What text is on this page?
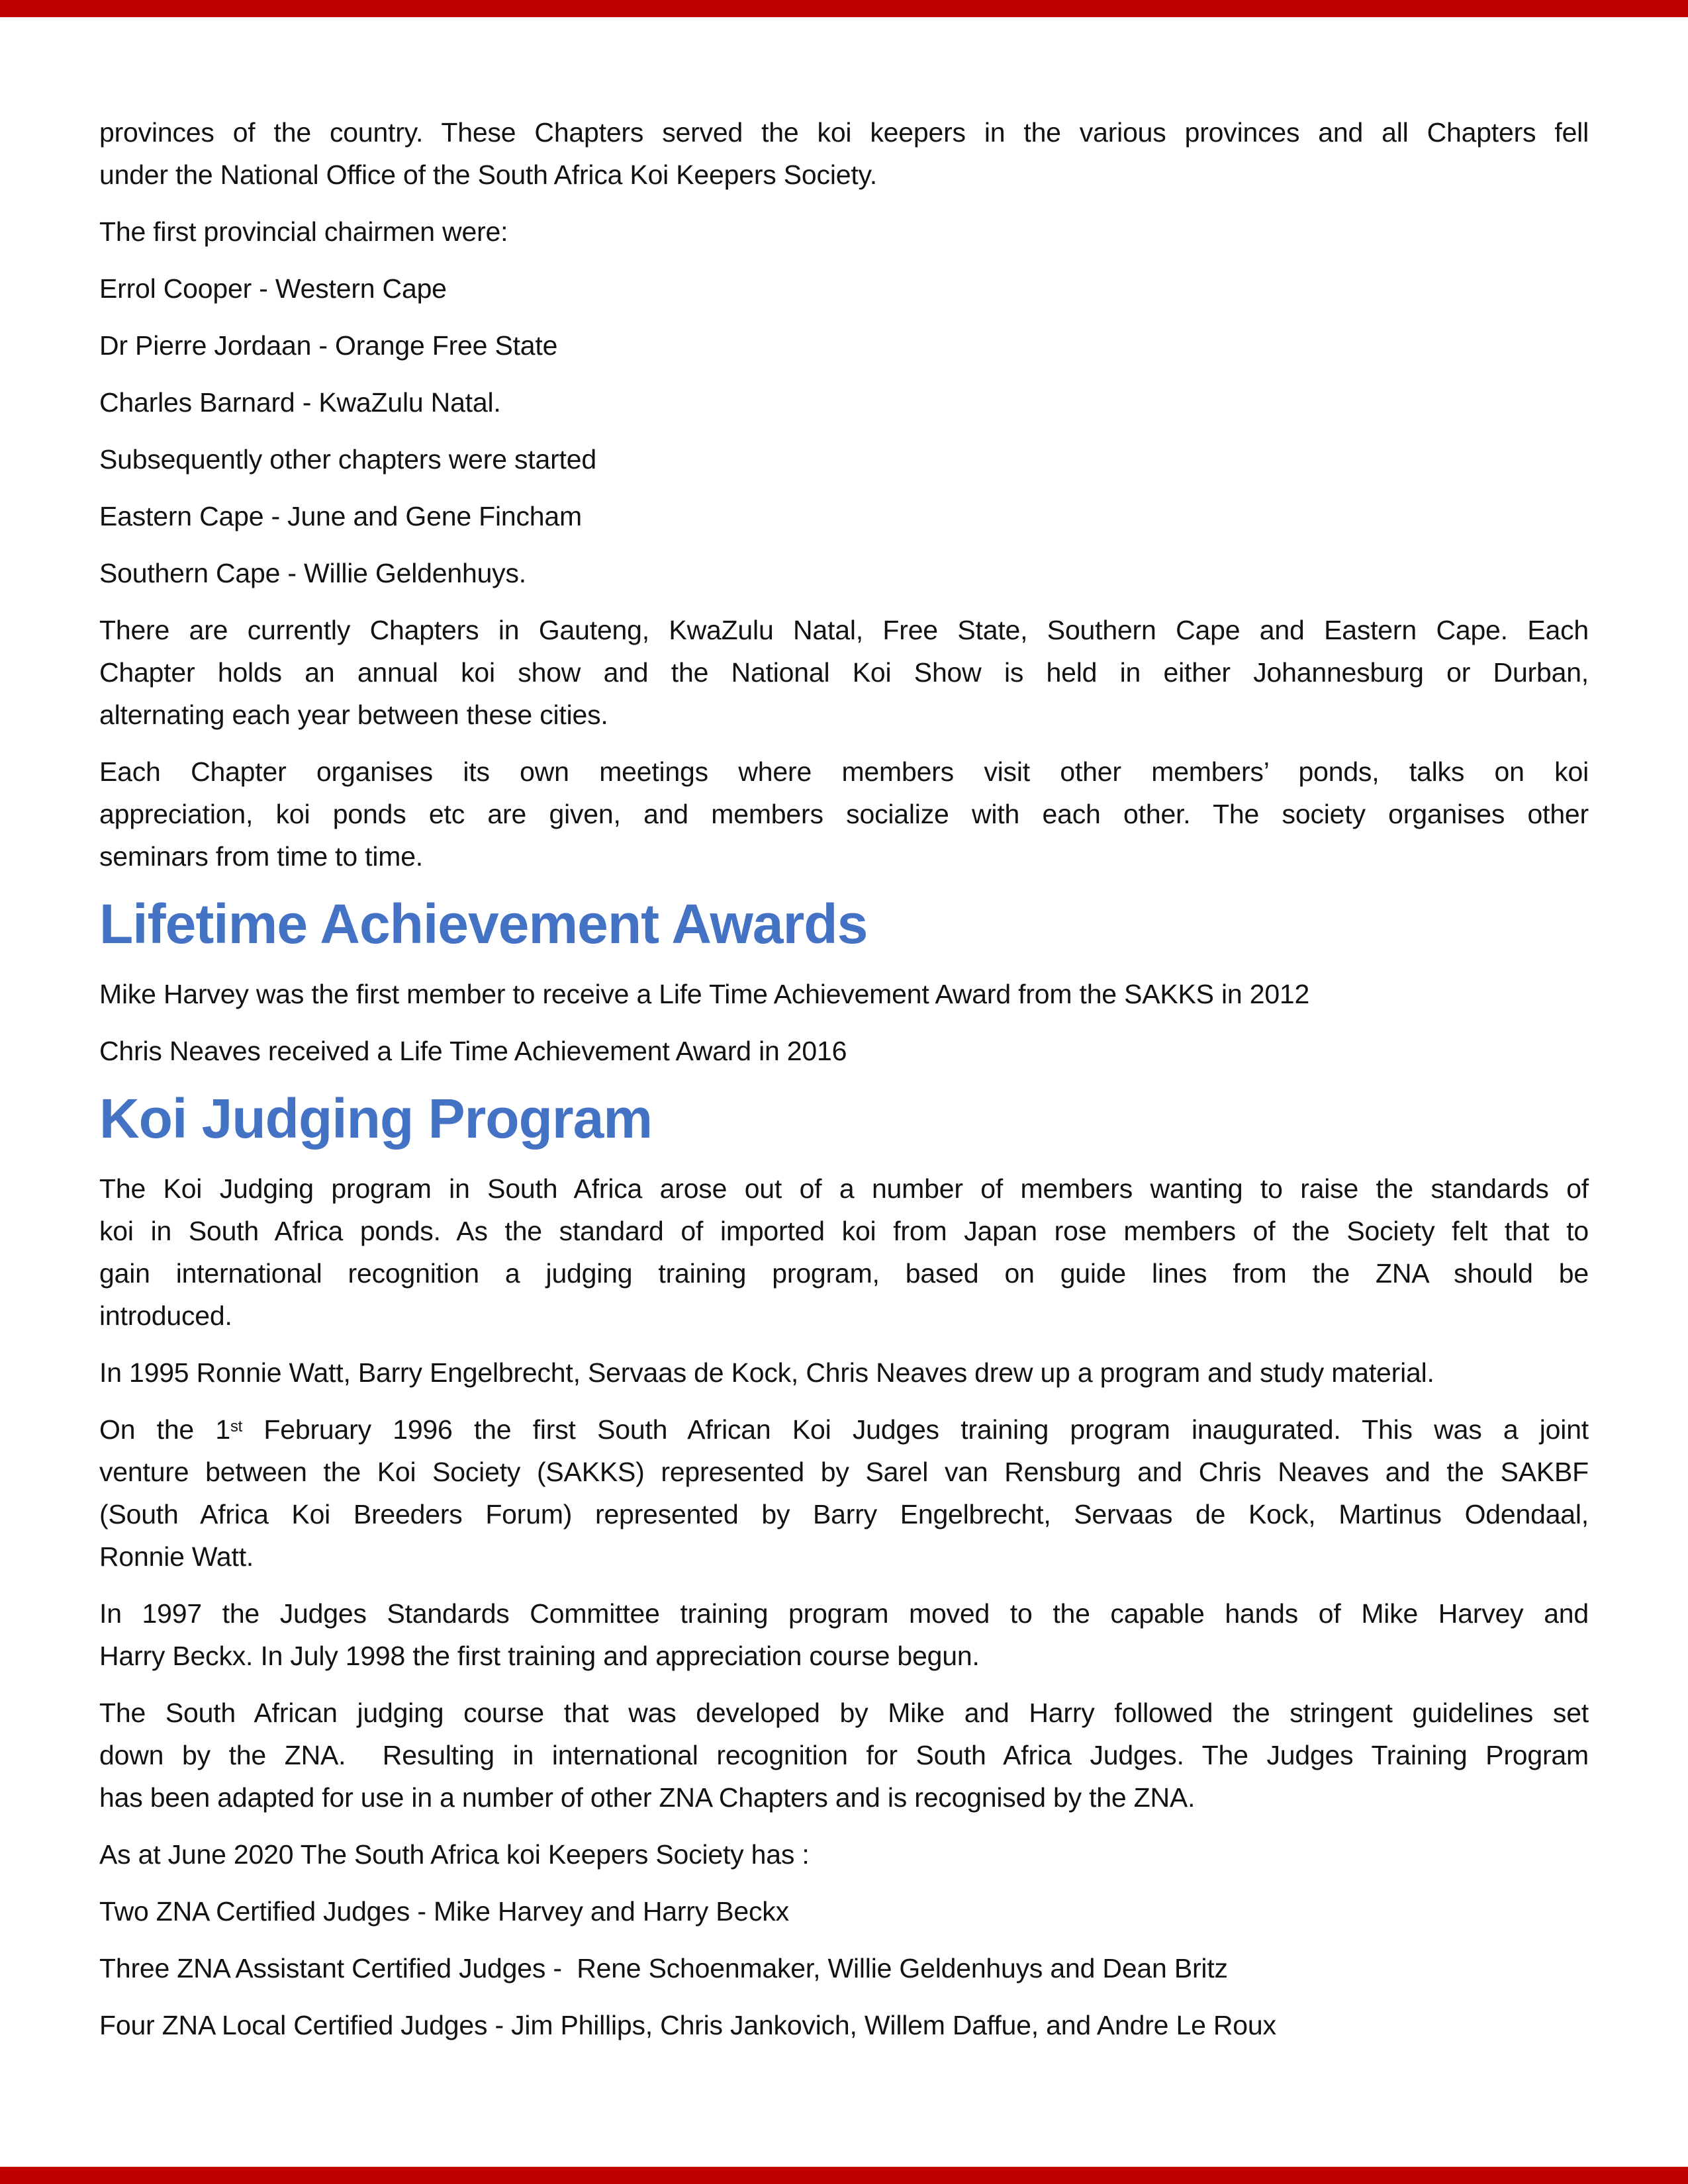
provinces of the country. These Chapters served the koi keepers in the various provinces and all Chapters fell
under the National Office of the South Africa Koi Keepers Society.
The first provincial chairmen were:
Errol Cooper - Western Cape
Dr Pierre Jordaan - Orange Free State
Charles Barnard - KwaZulu Natal.
Subsequently other chapters were started
Eastern Cape - June and Gene Fincham
Southern Cape - Willie Geldenhuys.
There are currently Chapters in Gauteng, KwaZulu Natal, Free State, Southern Cape and Eastern Cape. Each
Chapter holds an annual koi show and the National Koi Show is held in either Johannesburg or Durban,
alternating each year between these cities.
Each Chapter organises its own meetings where members visit other members’ ponds, talks on koi
appreciation, koi ponds etc are given, and members socialize with each other. The society organises other
seminars from time to time.
Lifetime Achievement Awards
Mike Harvey was the first member to receive a Life Time Achievement Award from the SAKKS in 2012
Chris Neaves received a Life Time Achievement Award in 2016
Koi Judging Program
The Koi Judging program in South Africa arose out of a number of members wanting to raise the standards of
koi in South Africa ponds. As the standard of imported koi from Japan rose members of the Society felt that to
gain international recognition a judging training program, based on guide lines from the ZNA should be
introduced.
In 1995 Ronnie Watt, Barry Engelbrecht, Servaas de Kock, Chris Neaves drew up a program and study material.
On the 1st February 1996 the first South African Koi Judges training program inaugurated. This was a joint
venture between the Koi Society (SAKKS) represented by Sarel van Rensburg and Chris Neaves and the SAKBF
(South Africa Koi Breeders Forum) represented by Barry Engelbrecht, Servaas de Kock, Martinus Odendaal,
Ronnie Watt.
In 1997 the Judges Standards Committee training program moved to the capable hands of Mike Harvey and
Harry Beckx. In July 1998 the first training and appreciation course begun.
The South African judging course that was developed by Mike and Harry followed the stringent guidelines set
down by the ZNA.  Resulting in international recognition for South Africa Judges. The Judges Training Program
has been adapted for use in a number of other ZNA Chapters and is recognised by the ZNA.
As at June 2020 The South Africa koi Keepers Society has :
Two ZNA Certified Judges - Mike Harvey and Harry Beckx
Three ZNA Assistant Certified Judges -  Rene Schoenmaker, Willie Geldenhuys and Dean Britz
Four ZNA Local Certified Judges - Jim Phillips, Chris Jankovich, Willem Daffue, and Andre Le Roux
